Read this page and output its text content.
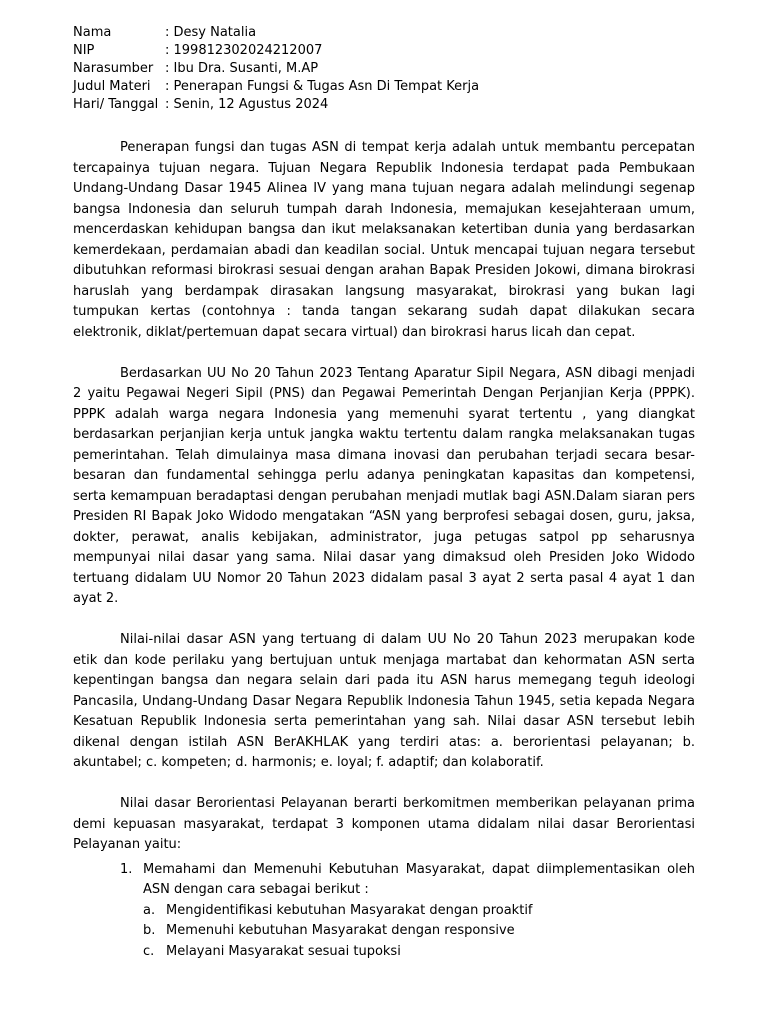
Nama	: Desy Natalia
NIP	: 199812302024212007
Narasumber	: Ibu Dra. Susanti, M.AP
Judul Materi	: Penerapan Fungsi & Tugas Asn Di Tempat Kerja
Hari/ Tanggal	: Senin, 12 Agustus 2024

Penerapan fungsi dan tugas ASN di tempat kerja adalah untuk membantu percepatan tercapainya tujuan negara. Tujuan Negara Republik Indonesia terdapat pada Pembukaan Undang-Undang Dasar 1945 Alinea IV yang mana tujuan negara adalah melindungi segenap bangsa Indonesia dan seluruh tumpah darah Indonesia, memajukan kesejahteraan umum, mencerdaskan kehidupan bangsa dan ikut melaksanakan ketertiban dunia yang berdasarkan kemerdekaan, perdamaian abadi dan keadilan social. Untuk mencapai tujuan negara tersebut dibutuhkan reformasi birokrasi sesuai dengan arahan Bapak Presiden Jokowi, dimana birokrasi haruslah yang berdampak dirasakan langsung masyarakat, birokrasi yang bukan lagi tumpukan kertas (contohnya : tanda tangan sekarang sudah dapat dilakukan secara elektronik, diklat/pertemuan dapat secara virtual) dan birokrasi harus licah dan cepat.

Berdasarkan UU No 20 Tahun 2023 Tentang Aparatur Sipil Negara, ASN dibagi menjadi 2 yaitu Pegawai Negeri Sipil (PNS) dan Pegawai Pemerintah Dengan Perjanjian Kerja (PPPK). PPPK adalah warga negara Indonesia yang memenuhi syarat tertentu , yang diangkat berdasarkan perjanjian kerja untuk jangka waktu tertentu dalam rangka melaksanakan tugas pemerintahan. Telah dimulainya masa dimana inovasi dan perubahan terjadi secara besar-besaran dan fundamental sehingga perlu adanya peningkatan kapasitas dan kompetensi, serta kemampuan beradaptasi dengan perubahan menjadi mutlak bagi ASN.Dalam siaran pers Presiden RI Bapak Joko Widodo mengatakan “ASN yang berprofesi sebagai dosen, guru, jaksa, dokter, perawat, analis kebijakan, administrator, juga petugas satpol pp seharusnya mempunyai nilai dasar yang sama. Nilai dasar yang dimaksud oleh Presiden Joko Widodo tertuang didalam UU Nomor 20 Tahun 2023 didalam pasal 3 ayat 2 serta pasal 4 ayat 1 dan ayat 2.

Nilai-nilai dasar ASN yang tertuang di dalam UU No 20 Tahun 2023 merupakan kode etik dan kode perilaku yang bertujuan untuk menjaga martabat dan kehormatan ASN serta kepentingan bangsa dan negara selain dari pada itu ASN harus memegang teguh ideologi Pancasila, Undang-Undang Dasar Negara Republik lndonesia Tahun 1945, setia kepada Negara Kesatuan Republik Indonesia serta pemerintahan yang sah. Nilai dasar ASN tersebut lebih dikenal dengan istilah ASN BerAKHLAK yang terdiri atas: a. berorientasi pelayanan; b. akuntabel; c. kompeten; d. harmonis; e. loyal; f. adaptif; dan kolaboratif.

Nilai dasar Berorientasi Pelayanan berarti berkomitmen memberikan pelayanan prima demi kepuasan masyarakat, terdapat 3 komponen utama didalam nilai dasar Berorientasi Pelayanan yaitu:

1. Memahami dan Memenuhi Kebutuhan Masyarakat, dapat diimplementasikan oleh ASN dengan cara sebagai berikut :
a. Mengidentifikasi kebutuhan Masyarakat dengan proaktif
b. Memenuhi kebutuhan Masyarakat dengan responsive
c. Melayani Masyarakat sesuai tupoksi
